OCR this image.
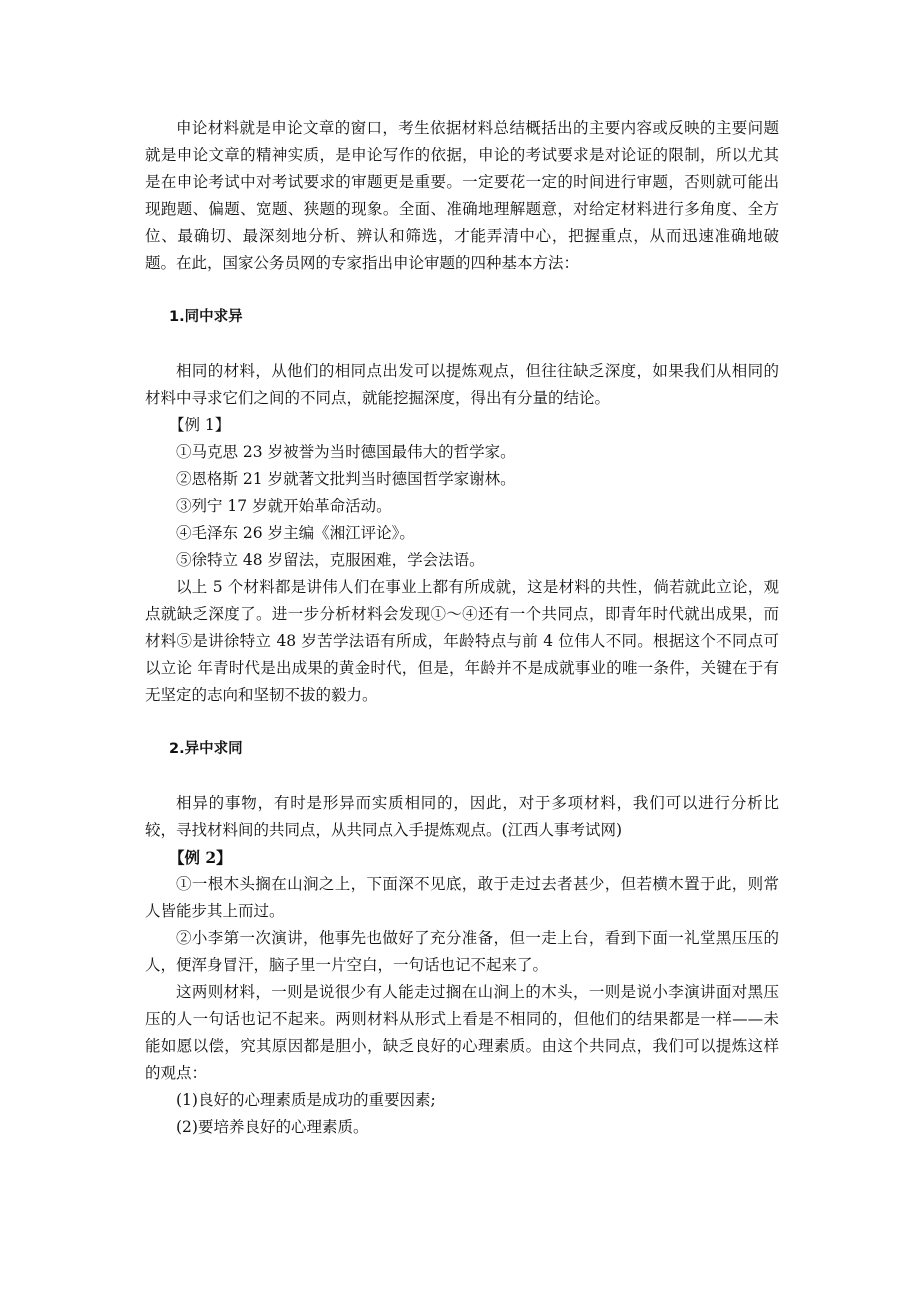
申论材料就是申论文章的窗口，考生依据材料总结概括出的主要内容或反映的主要问题就是申论文章的精神实质，是申论写作的依据，申论的考试要求是对论证的限制，所以尤其是在申论考试中对考试要求的审题更是重要。一定要花一定的时间进行审题，否则就可能出现跑题、偏题、宽题、狭题的现象。全面、准确地理解题意，对给定材料进行多角度、全方位、最确切、最深刻地分析、辨认和筛选，才能弄清中心，把握重点，从而迅速准确地破题。在此，国家公务员网的专家指出申论审题的四种基本方法：

1.同中求异

相同的材料，从他们的相同点出发可以提炼观点，但往往缺乏深度，如果我们从相同的材料中寻求它们之间的不同点，就能挖掘深度，得出有分量的结论。

【例 1】

①马克思 23 岁被誉为当时德国最伟大的哲学家。

②恩格斯 21 岁就著文批判当时德国哲学家谢林。

③列宁 17 岁就开始革命活动。

④毛泽东 26 岁主编《湘江评论》。

⑤徐特立 48 岁留法，克服困难，学会法语。

以上 5 个材料都是讲伟人们在事业上都有所成就，这是材料的共性，倘若就此立论，观点就缺乏深度了。进一步分析材料会发现①～④还有一个共同点，即青年时代就出成果，而材料⑤是讲徐特立 48 岁苦学法语有所成，年龄特点与前 4 位伟人不同。根据这个不同点可以立论 年青时代是出成果的黄金时代，但是，年龄并不是成就事业的唯一条件，关键在于有无坚定的志向和坚韧不拔的毅力。

2.异中求同

相异的事物，有时是形异而实质相同的，因此，对于多项材料，我们可以进行分析比较，寻找材料间的共同点，从共同点入手提炼观点。(江西人事考试网)

【例 2】

①一根木头搁在山涧之上，下面深不见底，敢于走过去者甚少，但若横木置于此，则常人皆能步其上而过。

②小李第一次演讲，他事先也做好了充分准备，但一走上台，看到下面一礼堂黑压压的人，便浑身冒汗，脑子里一片空白，一句话也记不起来了。

这两则材料，一则是说很少有人能走过搁在山涧上的木头，一则是说小李演讲面对黑压压的人一句话也记不起来。两则材料从形式上看是不相同的，但他们的结果都是一样——未能如愿以偿，究其原因都是胆小，缺乏良好的心理素质。由这个共同点，我们可以提炼这样的观点：

(1)良好的心理素质是成功的重要因素;

(2)要培养良好的心理素质。
